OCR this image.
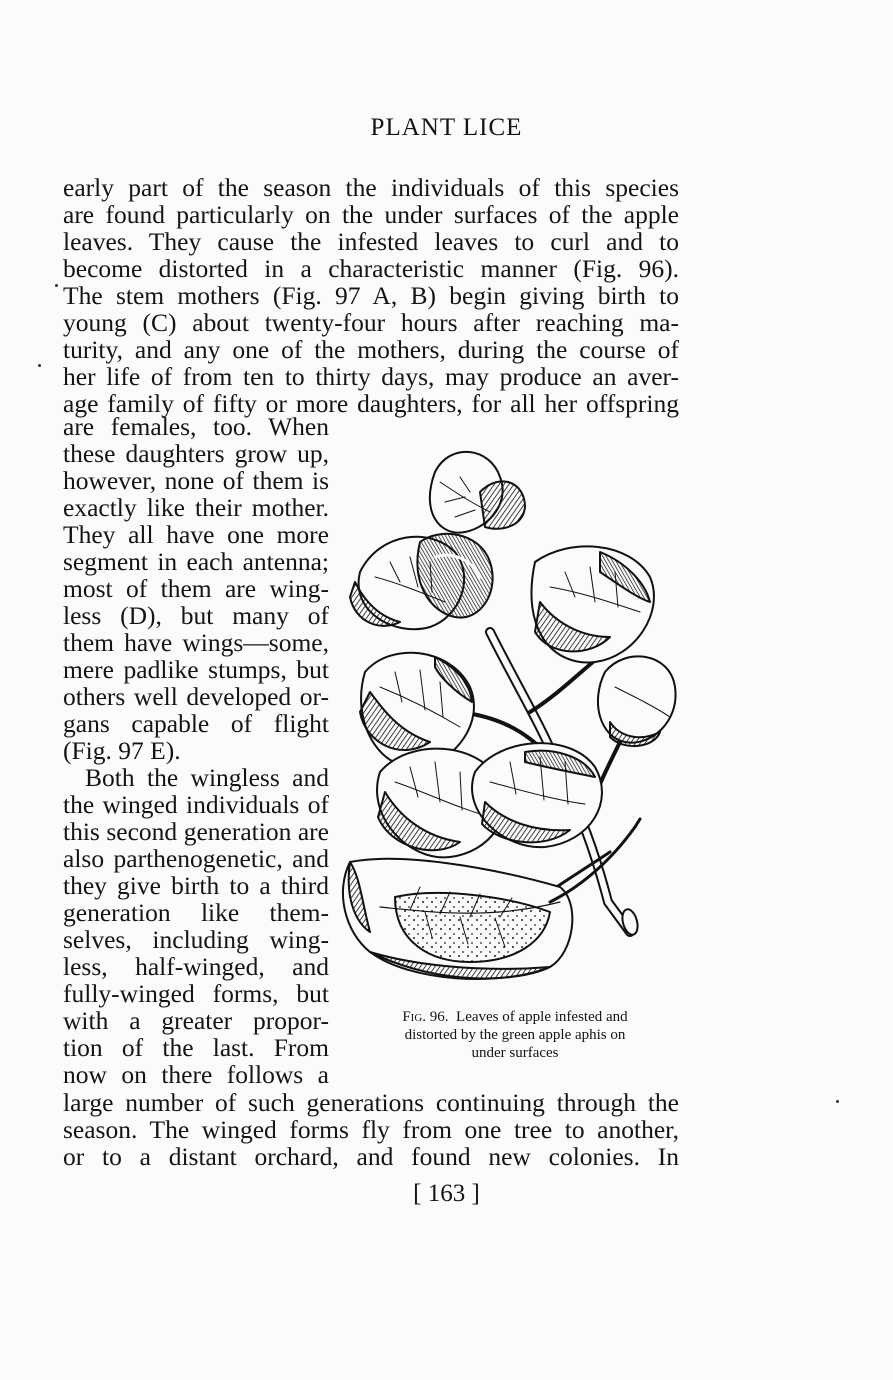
PLANT LICE
early part of the season the individuals of this species
are found particularly on the under surfaces of the apple
leaves. They cause the infested leaves to curl and to
become distorted in a characteristic manner (Fig. 96).
The stem mothers (Fig. 97 A, B) begin giving birth to
young (C) about twenty-four hours after reaching ma-
turity, and any one of the mothers, during the course of
her life of from ten to thirty days, may produce an aver-
age family of fifty or more daughters, for all her offspring
are females, too. When
these daughters grow up,
however, none of them is
exactly like their mother.
They all have one more
segment in each antenna;
most of them are wing-
less (D), but many of
them have wings—some,
mere padlike stumps, but
others well developed or-
gans capable of flight
(Fig. 97 E).
Both the wingless and
the winged individuals of
this second generation are
also parthenogenetic, and
they give birth to a third
generation like them-
selves, including wing-
less, half-winged, and
fully-winged forms, but
with a greater propor-
tion of the last. From
now on there follows a
large number of such generations continuing through the
season. The winged forms fly from one tree to another,
or to a distant orchard, and found new colonies. In
Fig. 96. Leaves of apple infested and
distorted by the green apple aphis on
under surfaces
[ 163 ]
